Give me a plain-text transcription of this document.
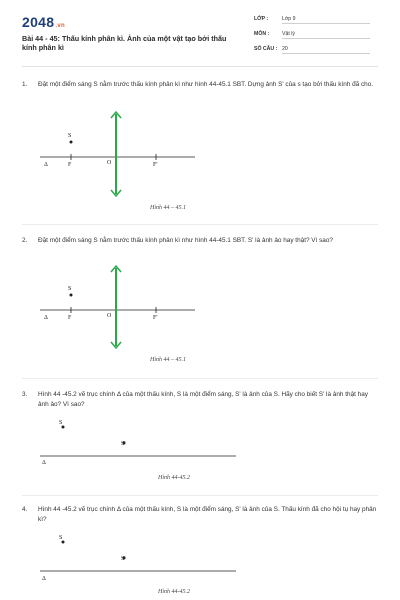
2048.vn
Bài 44 - 45: Thấu kính phân kì. Ảnh của một vật tạo bởi thấu kính phân kì
LỚP :	Lớp 9
MÔN : Vật lý
SỐ CÂU : 20
1. Đặt một điểm sáng S nằm trước thấu kính phân kì như hình 44-45.1 SBT. Dựng ảnh S' của s tạo bởi thấu kính đã cho.
S
F	O	F'
Δ
Hình 44 – 45.1
2. Đặt một điểm sáng S nằm trước thấu kính phân kì như hình 44-45.1 SBT. S' là ảnh ảo hay thật? Vì sao?
S
F	O	F'
Δ
Hình 44 – 45.1
3. Hình 44 -45.2 vẽ trục chính Δ của một thấu kính, S là một điểm sáng, S' là ảnh của S. Hãy cho biết S' là ảnh thật hay ảnh ảo? Vì sao?
S
S'
Δ
Hình 44-45.2
4. Hình 44 -45.2 vẽ trục chính Δ của một thấu kính, S là một điểm sáng, S' là ảnh của S. Thấu kính đã cho hội tụ hay phân kì?
S
S'
Δ
Hình 44-45.2
